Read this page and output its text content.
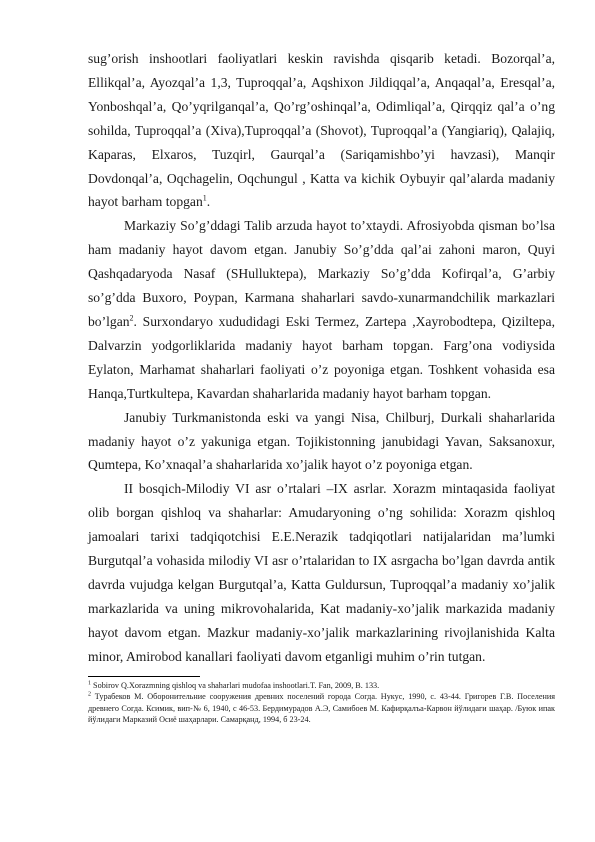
sug’orish inshootlari faoliyatlari keskin ravishda qisqarib ketadi. Bozorqal’a, Ellikqal’a, Ayozqal’a 1,3, Tuproqqal’a, Aqshixon Jildiqqal’a, Anqaqal’a, Eresqal’a, Yonboshqal’a, Qo’yqrilganqal’a, Qo’rg’oshinqal’a, Odimliqal’a, Qirqqiz qal’a o’ng sohilda, Tuproqqal’a (Xiva),Tuproqqal’a (Shovot), Tuproqqal’a (Yangiariq), Qalajiq, Kaparas, Elxaros, Tuzqirl, Gaurqal’a (Sariqamishbo’yi havzasi), Manqir Dovdonqal’a, Oqchagelin, Oqchungul , Katta va kichik Oybuyir qal’alarda madaniy hayot barham topgan$^1$.

Markaziy So’g’ddagi Talib arzuda hayot to’xtaydi. Afrosiyobda qisman bo’lsa ham madaniy hayot davom etgan. Janubiy So’g’dda qal’ai zahoni maron, Quyi Qashqadaryoda Nasaf (SHulluktepa), Markaziy So’g’dda Kofirqal’a, G’arbiy so’g’dda Buxoro, Poypan, Karmana shaharlari savdo-xunarmandchilik markazlari bo’lgan$^2$. Surxondaryo xududidagi Eski Termez, Zartepa ,Xayrobodtepa, Qiziltepa, Dalvarzin yodgorliklarida madaniy hayot barham topgan. Farg’ona vodiysida Eylaton, Marhamat shaharlari faoliyati o’z poyoniga etgan. Toshkent vohasida esa Hanqa,Turtkultepa, Kavardan shaharlarida madaniy hayot barham topgan.

Janubiy Turkmanistonda eski va yangi Nisa, Chilburj, Durkali shaharlarida madaniy hayot o’z yakuniga etgan. Tojikistonning janubidagi Yavan, Saksanoxur, Qumtepa, Ko’xnaqal’a shaharlarida xo’jalik hayot o’z poyoniga etgan.

II bosqich-Milodiy VI asr o’rtalari –IX asrlar. Xorazm mintaqasida faoliyat olib borgan qishloq va shaharlar: Amudaryoning o’ng sohilida: Xorazm qishloq jamoalari tarixi tadqiqotchisi E.E.Nerazik tadqiqotlari natijalaridan ma’lumki Burgutqal’a vohasida milodiy VI asr o’rtalaridan to IX asrgacha bo’lgan davrda antik davrda vujudga kelgan Burgutqal’a, Katta Guldursun, Tuproqqal’a madaniy xo’jalik markazlarida va uning mikrovohalarida, Kat madaniy-xo’jalik markazida madaniy hayot davom etgan. Mazkur madaniy-xo’jalik markazlarining rivojlanishida Kalta minor, Amirobod kanallari faoliyati davom etganligi muhim o’rin tutgan.

$^1$ Sobirov Q.Xorazmning qishloq va shaharlari mudofaa inshootlari.T. Fan, 2009, B. 133.

$^2$ Турабеков М. Оборонительние сооружения древних поселений города Согда. Нукус, 1990, с. 43-44. Григорев Г.В. Поселения древнего Согда. Ксимик, вип-№ 6, 1940, с 46-53. Бердимурадов А.Э, Самибоев М. Кафирқалъа-Карвон йўлидаги шаҳар. /Буюк ипак йўлидаги Марказий Осиё шаҳарлари. Самарқанд, 1994, б 23-24.
